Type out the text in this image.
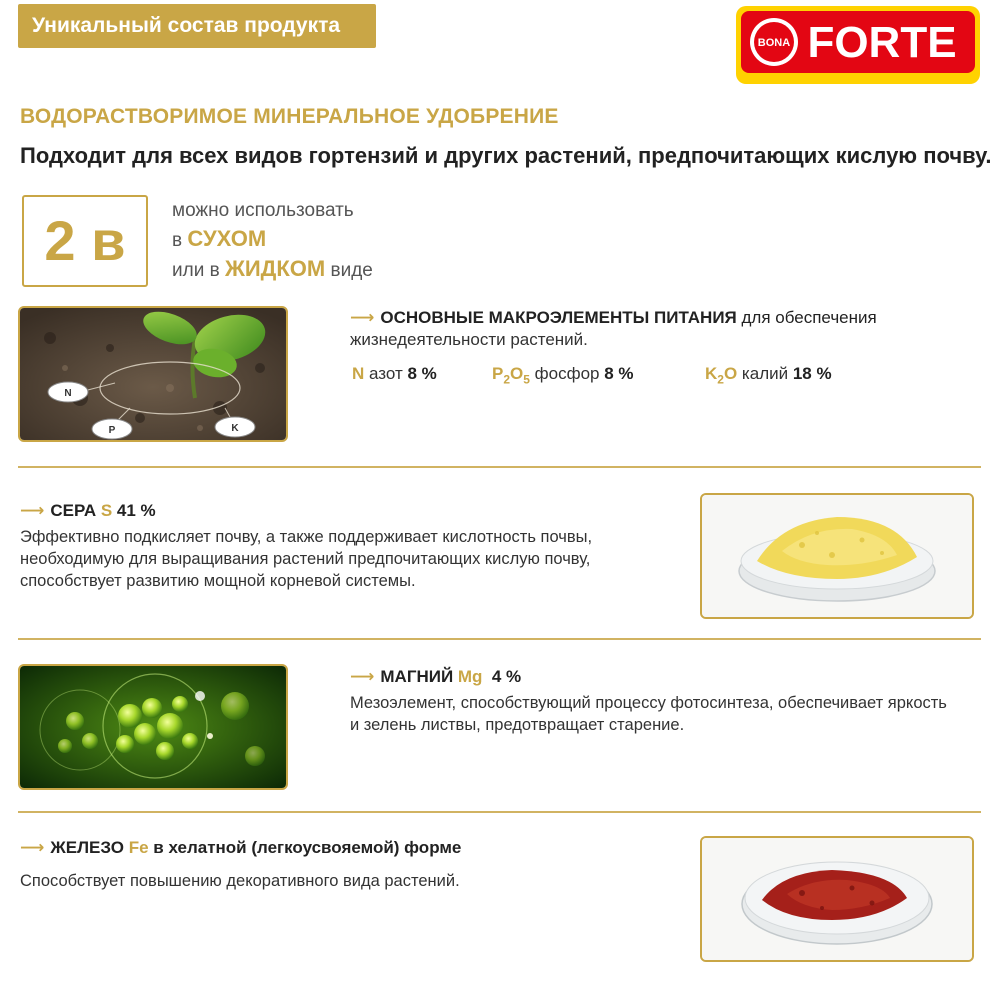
Уникальный состав продукта
BONA FORTE
ВОДОРАСТВОРИМОЕ МИНЕРАЛЬНОЕ УДОБРЕНИЕ
Подходит для всех видов гортензий и других растений, предпочитающих кислую почву.
2 в	можно использовать
в СУХОМ
или в ЖИДКОМ виде
N
P	K
⟶ ОСНОВНЫЕ МАКРОЭЛЕМЕНТЫ ПИТАНИЯ для обеспечения
жизнедеятельности растений.
N азот 8 %	$P_2O_5$ фосфор 8 %	$K_2O$ калий 18 %
⟶ СЕРА S 41 %
Эффективно подкисляет почву, а также поддерживает кислотность почвы,
необходимую для выращивания растений предпочитающих кислую почву,
способствует развитию мощной корневой системы.
⟶ МАГНИЙ Mg  4 %
Мезоэлемент, способствующий процессу фотосинтеза, обеспечивает яркость
и зелень листвы, предотвращает старение.
⟶ ЖЕЛЕЗО Fe в хелатной (легкоусвояемой) форме
Способствует повышению декоративного вида растений.
